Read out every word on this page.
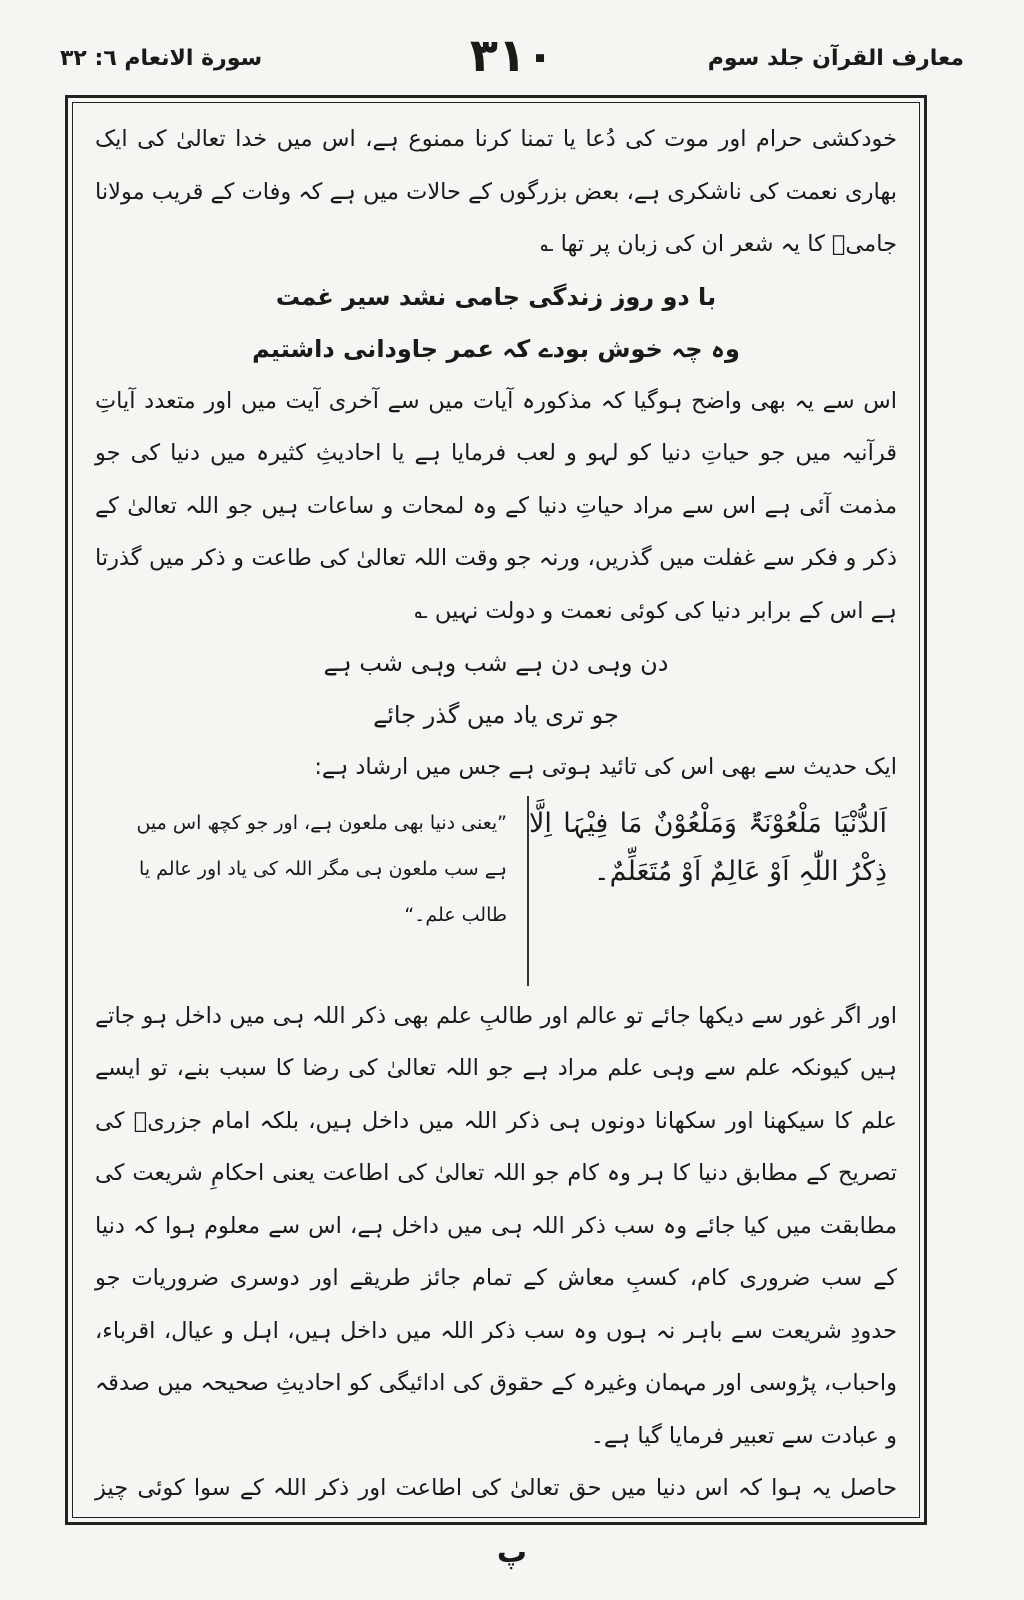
معارف القرآن جلد سوم
۳۱۰
سورة الانعام ٦: ٣٢

خودکشی حرام اور موت کی دُعا یا تمنا کرنا ممنوع ہے، اس میں خدا تعالیٰ کی ایک بھاری نعمت کی ناشکری ہے، بعض بزرگوں کے حالات میں ہے کہ وفات کے قریب مولانا جامیؒ کا یہ شعر ان کی زبان پر تھا ؎

با دو روز زندگی جامی نشد سیر غمت

وہ چہ خوش بودے کہ عمر جاودانی داشتیم

اس سے یہ بھی واضح ہوگیا کہ مذکورہ آیات میں سے آخری آیت میں اور متعدد آیاتِ قرآنیہ میں جو حیاتِ دنیا کو لہو و لعب فرمایا ہے یا احادیثِ کثیرہ میں دنیا کی جو مذمت آئی ہے اس سے مراد حیاتِ دنیا کے وہ لمحات و ساعات ہیں جو اللہ تعالیٰ کے ذکر و فکر سے غفلت میں گذریں، ورنہ جو وقت اللہ تعالیٰ کی طاعت و ذکر میں گذرتا ہے اس کے برابر دنیا کی کوئی نعمت و دولت نہیں ؎

دن وہی دن ہے شب وہی شب ہے

جو تری یاد میں گذر جائے

ایک حدیث سے بھی اس کی تائید ہوتی ہے جس میں ارشاد ہے:

اَلدُّنْیَا مَلْعُوْنَۃٌ وَمَلْعُوْنٌ مَا فِیْہَا اِلَّا ذِکْرُ اللّٰہِ اَوْ عَالِمٌ اَوْ مُتَعَلِّمٌ۔
”یعنی دنیا بھی ملعون ہے، اور جو کچھ اس میں ہے سب ملعون ہی مگر اللہ کی یاد اور عالم یا طالب علم۔“

اور اگر غور سے دیکھا جائے تو عالم اور طالبِ علم بھی ذکر اللہ ہی میں داخل ہو جاتے ہیں کیونکہ علم سے وہی علم مراد ہے جو اللہ تعالیٰ کی رضا کا سبب بنے، تو ایسے علم کا سیکھنا اور سکھانا دونوں ہی ذکر اللہ میں داخل ہیں، بلکہ امام جزریؒ کی تصریح کے مطابق دنیا کا ہر وہ کام جو اللہ تعالیٰ کی اطاعت یعنی احکامِ شریعت کی مطابقت میں کیا جائے وہ سب ذکر اللہ ہی میں داخل ہے، اس سے معلوم ہوا کہ دنیا کے سب ضروری کام، کسبِ معاش کے تمام جائز طریقے اور دوسری ضروریات جو حدودِ شریعت سے باہر نہ ہوں وہ سب ذکر اللہ میں داخل ہیں، اہل و عیال، اقرباء، واحباب، پڑوسی اور مہمان وغیرہ کے حقوق کی ادائیگی کو احادیثِ صحیحہ میں صدقہ و عبادت سے تعبیر فرمایا گیا ہے۔

حاصل یہ ہوا کہ اس دنیا میں حق تعالیٰ کی اطاعت اور ذکر اللہ کے سوا کوئی چیز

پ
